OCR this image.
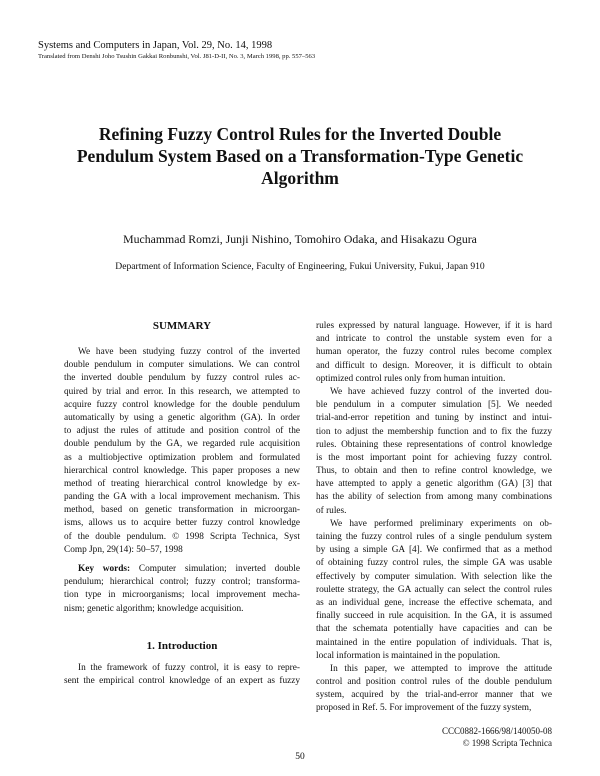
Systems and Computers in Japan, Vol. 29, No. 14, 1998
Translated from Denshi Joho Tsushin Gakkai Ronbunshi, Vol. J81-D-II, No. 3, March 1998, pp. 557–563
Refining Fuzzy Control Rules for the Inverted Double
Pendulum System Based on a Transformation-Type Genetic
Algorithm
Muchammad Romzi, Junji Nishino, Tomohiro Odaka, and Hisakazu Ogura
Department of Information Science, Faculty of Engineering, Fukui University, Fukui, Japan 910
SUMMARY
We have been studying fuzzy control of the inverted
double pendulum in computer simulations. We can control
the inverted double pendulum by fuzzy control rules ac-
quired by trial and error. In this research, we attempted to
acquire fuzzy control knowledge for the double pendulum
automatically by using a genetic algorithm (GA). In order
to adjust the rules of attitude and position control of the
double pendulum by the GA, we regarded rule acquisition
as a multiobjective optimization problem and formulated
hierarchical control knowledge. This paper proposes a new
method of treating hierarchical control knowledge by ex-
panding the GA with a local improvement mechanism. This
method, based on genetic transformation in microorgan-
isms, allows us to acquire better fuzzy control knowledge
of the double pendulum. © 1998 Scripta Technica, Syst
Comp Jpn, 29(14): 50–57, 1998
Key words: Computer simulation; inverted double
pendulum; hierarchical control; fuzzy control; transforma-
tion type in microorganisms; local improvement mecha-
nism; genetic algorithm; knowledge acquisition.
1. Introduction
In the framework of fuzzy control, it is easy to repre-
sent the empirical control knowledge of an expert as fuzzy
rules expressed by natural language. However, if it is hard
and intricate to control the unstable system even for a
human operator, the fuzzy control rules become complex
and difficult to design. Moreover, it is difficult to obtain
optimized control rules only from human intuition.
We have achieved fuzzy control of the inverted dou-
ble pendulum in a computer simulation [5]. We needed
trial-and-error repetition and tuning by instinct and intui-
tion to adjust the membership function and to fix the fuzzy
rules. Obtaining these representations of control knowledge
is the most important point for achieving fuzzy control.
Thus, to obtain and then to refine control knowledge, we
have attempted to apply a genetic algorithm (GA) [3] that
has the ability of selection from among many combinations
of rules.
We have performed preliminary experiments on ob-
taining the fuzzy control rules of a single pendulum system
by using a simple GA [4]. We confirmed that as a method
of obtaining fuzzy control rules, the simple GA was usable
effectively by computer simulation. With selection like the
roulette strategy, the GA actually can select the control rules
as an individual gene, increase the effective schemata, and
finally succeed in rule acquisition. In the GA, it is assumed
that the schemata potentially have capacities and can be
maintained in the entire population of individuals. That is,
local information is maintained in the population.
In this paper, we attempted to improve the attitude
control and position control rules of the double pendulum
system, acquired by the trial-and-error manner that we
proposed in Ref. 5. For improvement of the fuzzy system,
CCC0882-1666/98/140050-08
© 1998 Scripta Technica
50
